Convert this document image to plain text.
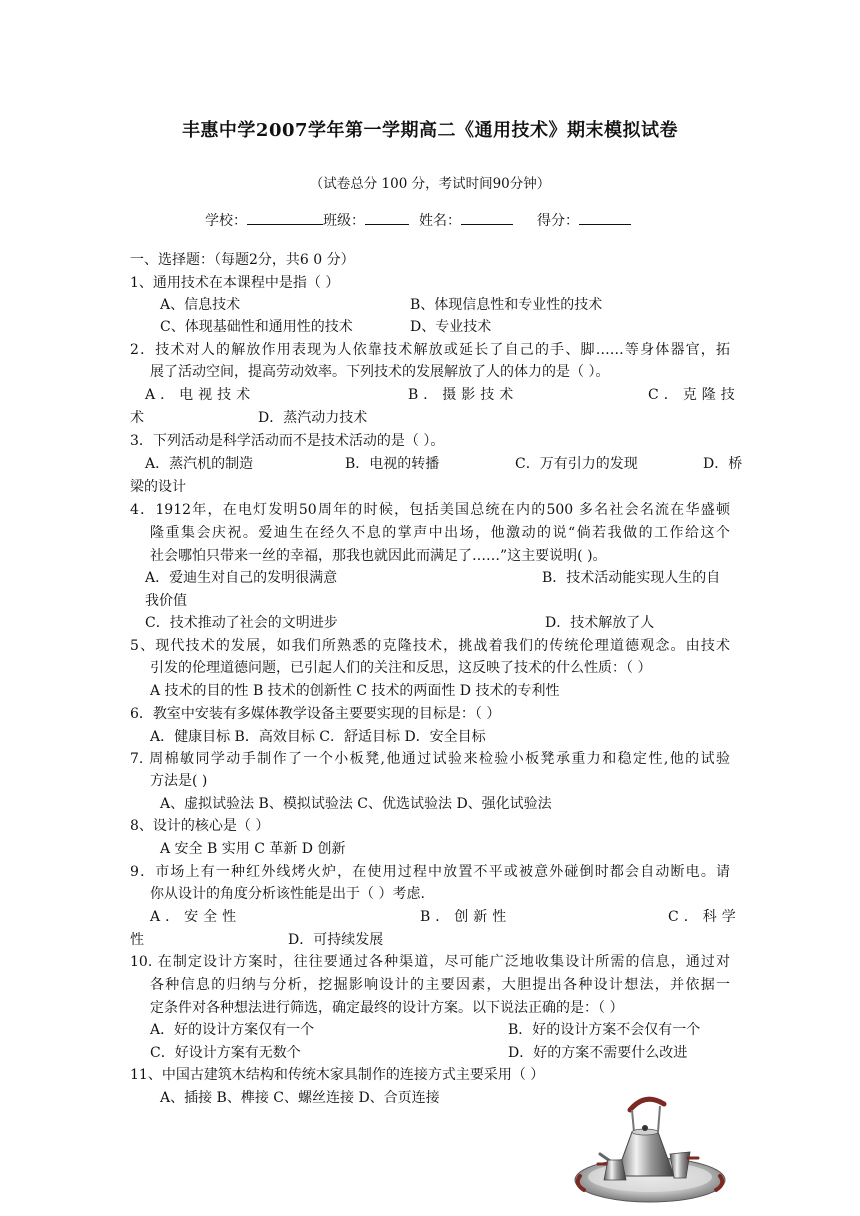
丰惠中学2007学年第一学期高二《通用技术》期末模拟试卷
（试卷总分 100 分，考试时间90分钟）
学校：	班级：	姓名：	得分：
一、选择题：（每题2分，共6 0 分）
1、通用技术在本课程中是指（ ）
A、信息技术	B、体现信息性和专业性的技术
C、体现基础性和通用性的技术	D、专业技术
2．技术对人的解放作用表现为人依靠技术解放或延长了自己的手、脚……等身体器官，拓
展了活动空间，提高劳动效率。下列技术的发展解放了人的体力的是（ ）。
A．电视技术	B．摄影技术	C．克隆技
术	D．蒸汽动力技术
3．下列活动是科学活动而不是技术活动的是（ ）。
A．蒸汽机的制造	B．电视的转播	C．万有引力的发现	D．桥
梁的设计
4．1912年，在电灯发明50周年的时候，包括美国总统在内的500 多名社会名流在华盛顿
隆重集会庆祝。爱迪生在经久不息的掌声中出场，他激动的说“倘若我做的工作给这个
社会哪怕只带来一丝的幸福，那我也就因此而满足了……”这主要说明( )。
A．爱迪生对自己的发明很满意	B．技术活动能实现人生的自
我价值
C．技术推动了社会的文明进步	D．技术解放了人
5、现代技术的发展，如我们所熟悉的克隆技术，挑战着我们的传统伦理道德观念。由技术
引发的伦理道德问题，已引起人们的关注和反思，这反映了技术的什么性质：（ ）
A 技术的目的性 B 技术的创新性 C 技术的两面性 D 技术的专利性
6．教室中安装有多媒体教学设备主要要实现的目标是：（ ）
A．健康目标 B．高效目标 C．舒适目标 D．安全目标
7. 周棉敏同学动手制作了一个小板凳,他通过试验来检验小板凳承重力和稳定性,他的试验
方法是( )
A、虚拟试验法 B、模拟试验法 C、优选试验法 D、强化试验法
8、设计的核心是（ ）
A 安全 B 实用 C 革新 D 创新
9．市场上有一种红外线烤火炉，在使用过程中放置不平或被意外碰倒时都会自动断电。请
你从设计的角度分析该性能是出于（ ）考虑.
A．安全性	B．创新性	C．科学
性	D．可持续发展
10. 在制定设计方案时，往往要通过各种渠道，尽可能广泛地收集设计所需的信息，通过对
各种信息的归纳与分析，挖掘影响设计的主要因素，大胆提出各种设计想法，并依据一
定条件对各种想法进行筛选，确定最终的设计方案。以下说法正确的是：（ ）
A．好的设计方案仅有一个	B．好的设计方案不会仅有一个
C．好设计方案有无数个	D．好的方案不需要什么改进
11、中国古建筑木结构和传统木家具制作的连接方式主要采用（ ）
A、插接 B、榫接 C、螺丝连接 D、合页连接
